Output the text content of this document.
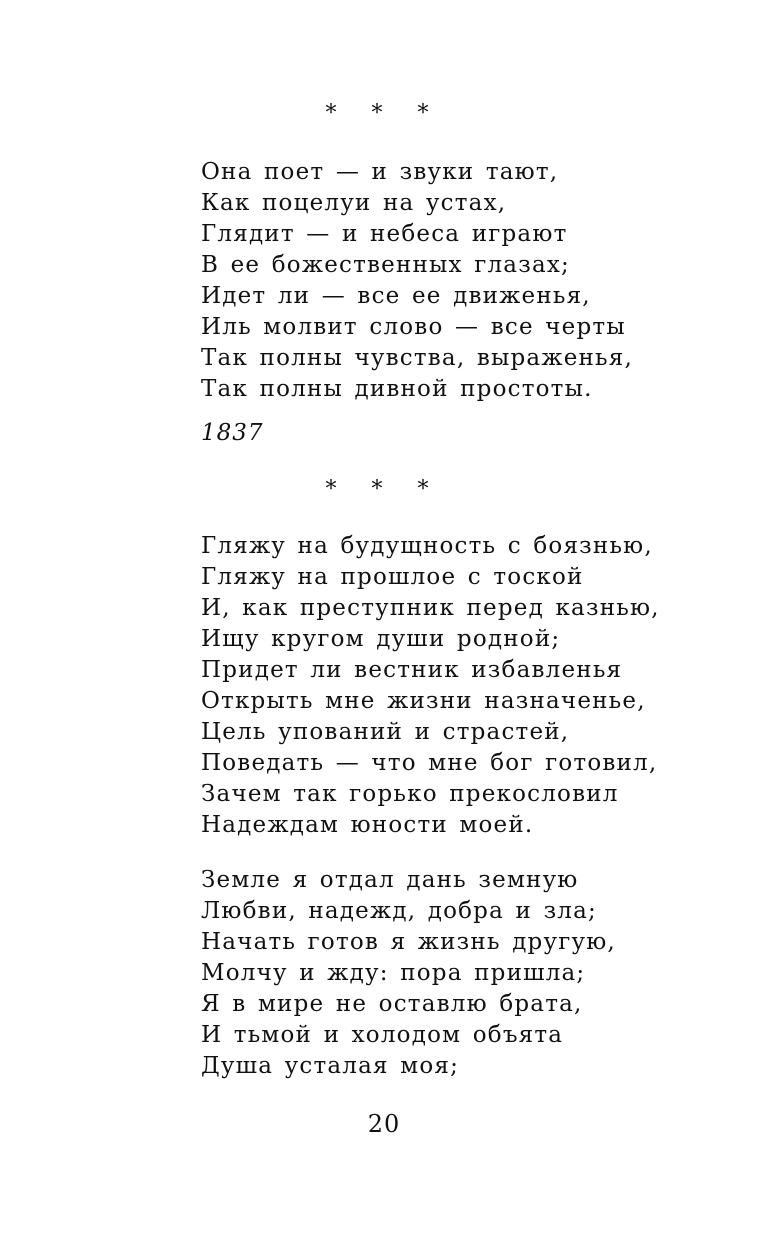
* * *
Она поет — и звуки тают,
Как поцелуи на устах,
Глядит — и небеса играют
В ее божественных глазах;
Идет ли — все ее движенья,
Иль молвит слово — все черты
Так полны чувства, выраженья,
Так полны дивной простоты.
1837
* * *
Гляжу на будущность с боязнью,
Гляжу на прошлое с тоской
И, как преступник перед казнью,
Ищу кругом души родной;
Придет ли вестник избавленья
Открыть мне жизни назначенье,
Цель упований и страстей,
Поведать — что мне бог готовил,
Зачем так горько прекословил
Надеждам юности моей.
Земле я отдал дань земную
Любви, надежд, добра и зла;
Начать готов я жизнь другую,
Молчу и жду: пора пришла;
Я в мире не оставлю брата,
И тьмой и холодом объята
Душа усталая моя;
20
